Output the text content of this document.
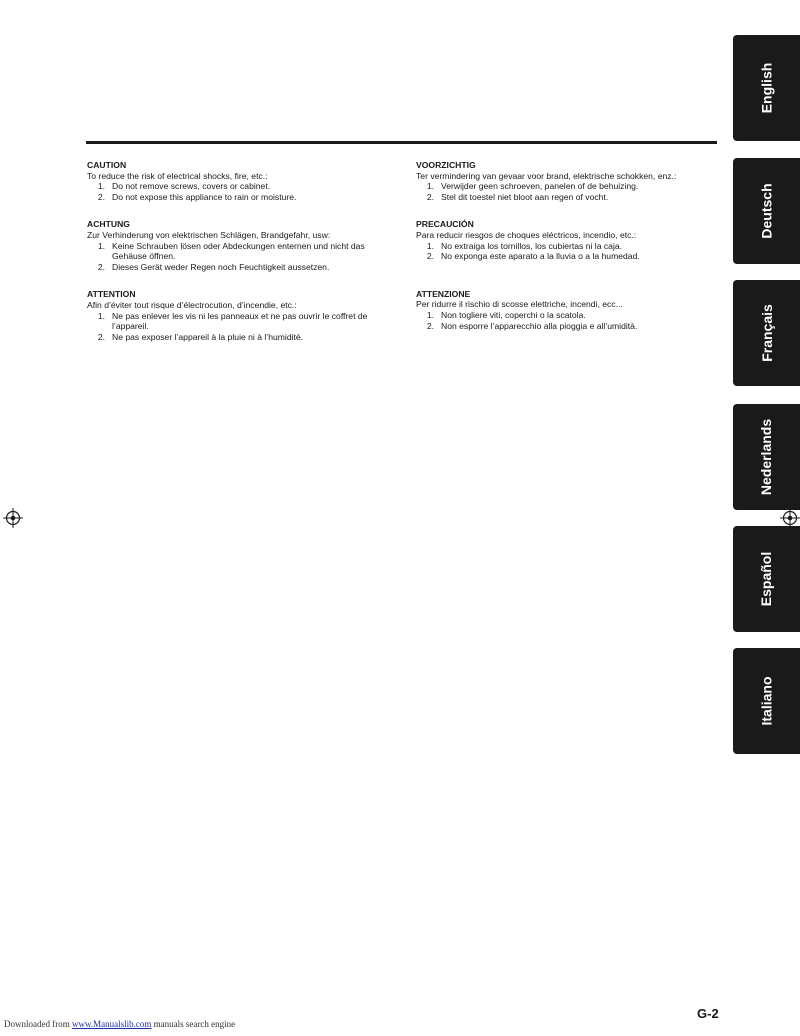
CAUTION
To reduce the risk of electrical shocks, fire, etc.:
1. Do not remove screws, covers or cabinet.
2. Do not expose this appliance to rain or moisture.
ACHTUNG
Zur Verhinderung von elektrischen Schlägen, Brandgefahr, usw:
1. Keine Schrauben lösen oder Abdeckungen enternen und nicht das Gehäuse öffnen.
2. Dieses Gerät weder Regen noch Feuchtigkeit aussetzen.
ATTENTION
Afin d’éviter tout risque d’électrocution, d’incendie, etc.:
1. Ne pas enlever les vis ni les panneaux et ne pas ouvrir le coffret de l’appareil.
2. Ne pas exposer l’appareil à la pluie ni à l’humidité.
VOORZICHTIG
Ter vermindering van gevaar voor brand, elektrische schokken, enz.:
1. Verwijder geen schroeven, panelen of de behuizing.
2. Stel dit toestel niet bloot aan regen of vocht.
PRECAUCIÓN
Para reducir riesgos de choques eléctricos, incendio, etc.:
1. No extraiga los tornillos, los cubiertas ni la caja.
2. No exponga este aparato a la lluvia o a la humedad.
ATTENZIONE
Per ridurre il rischio di scosse elettriche, incendi, ecc...
1. Non togliere viti, coperchi o la scatola.
2. Non esporre l’apparecchio alla pioggia e all’umidità.
English
Deutsch
Français
Nederlands
Español
Italiano
G-2
Downloaded from www.Manualslib.com manuals search engine
